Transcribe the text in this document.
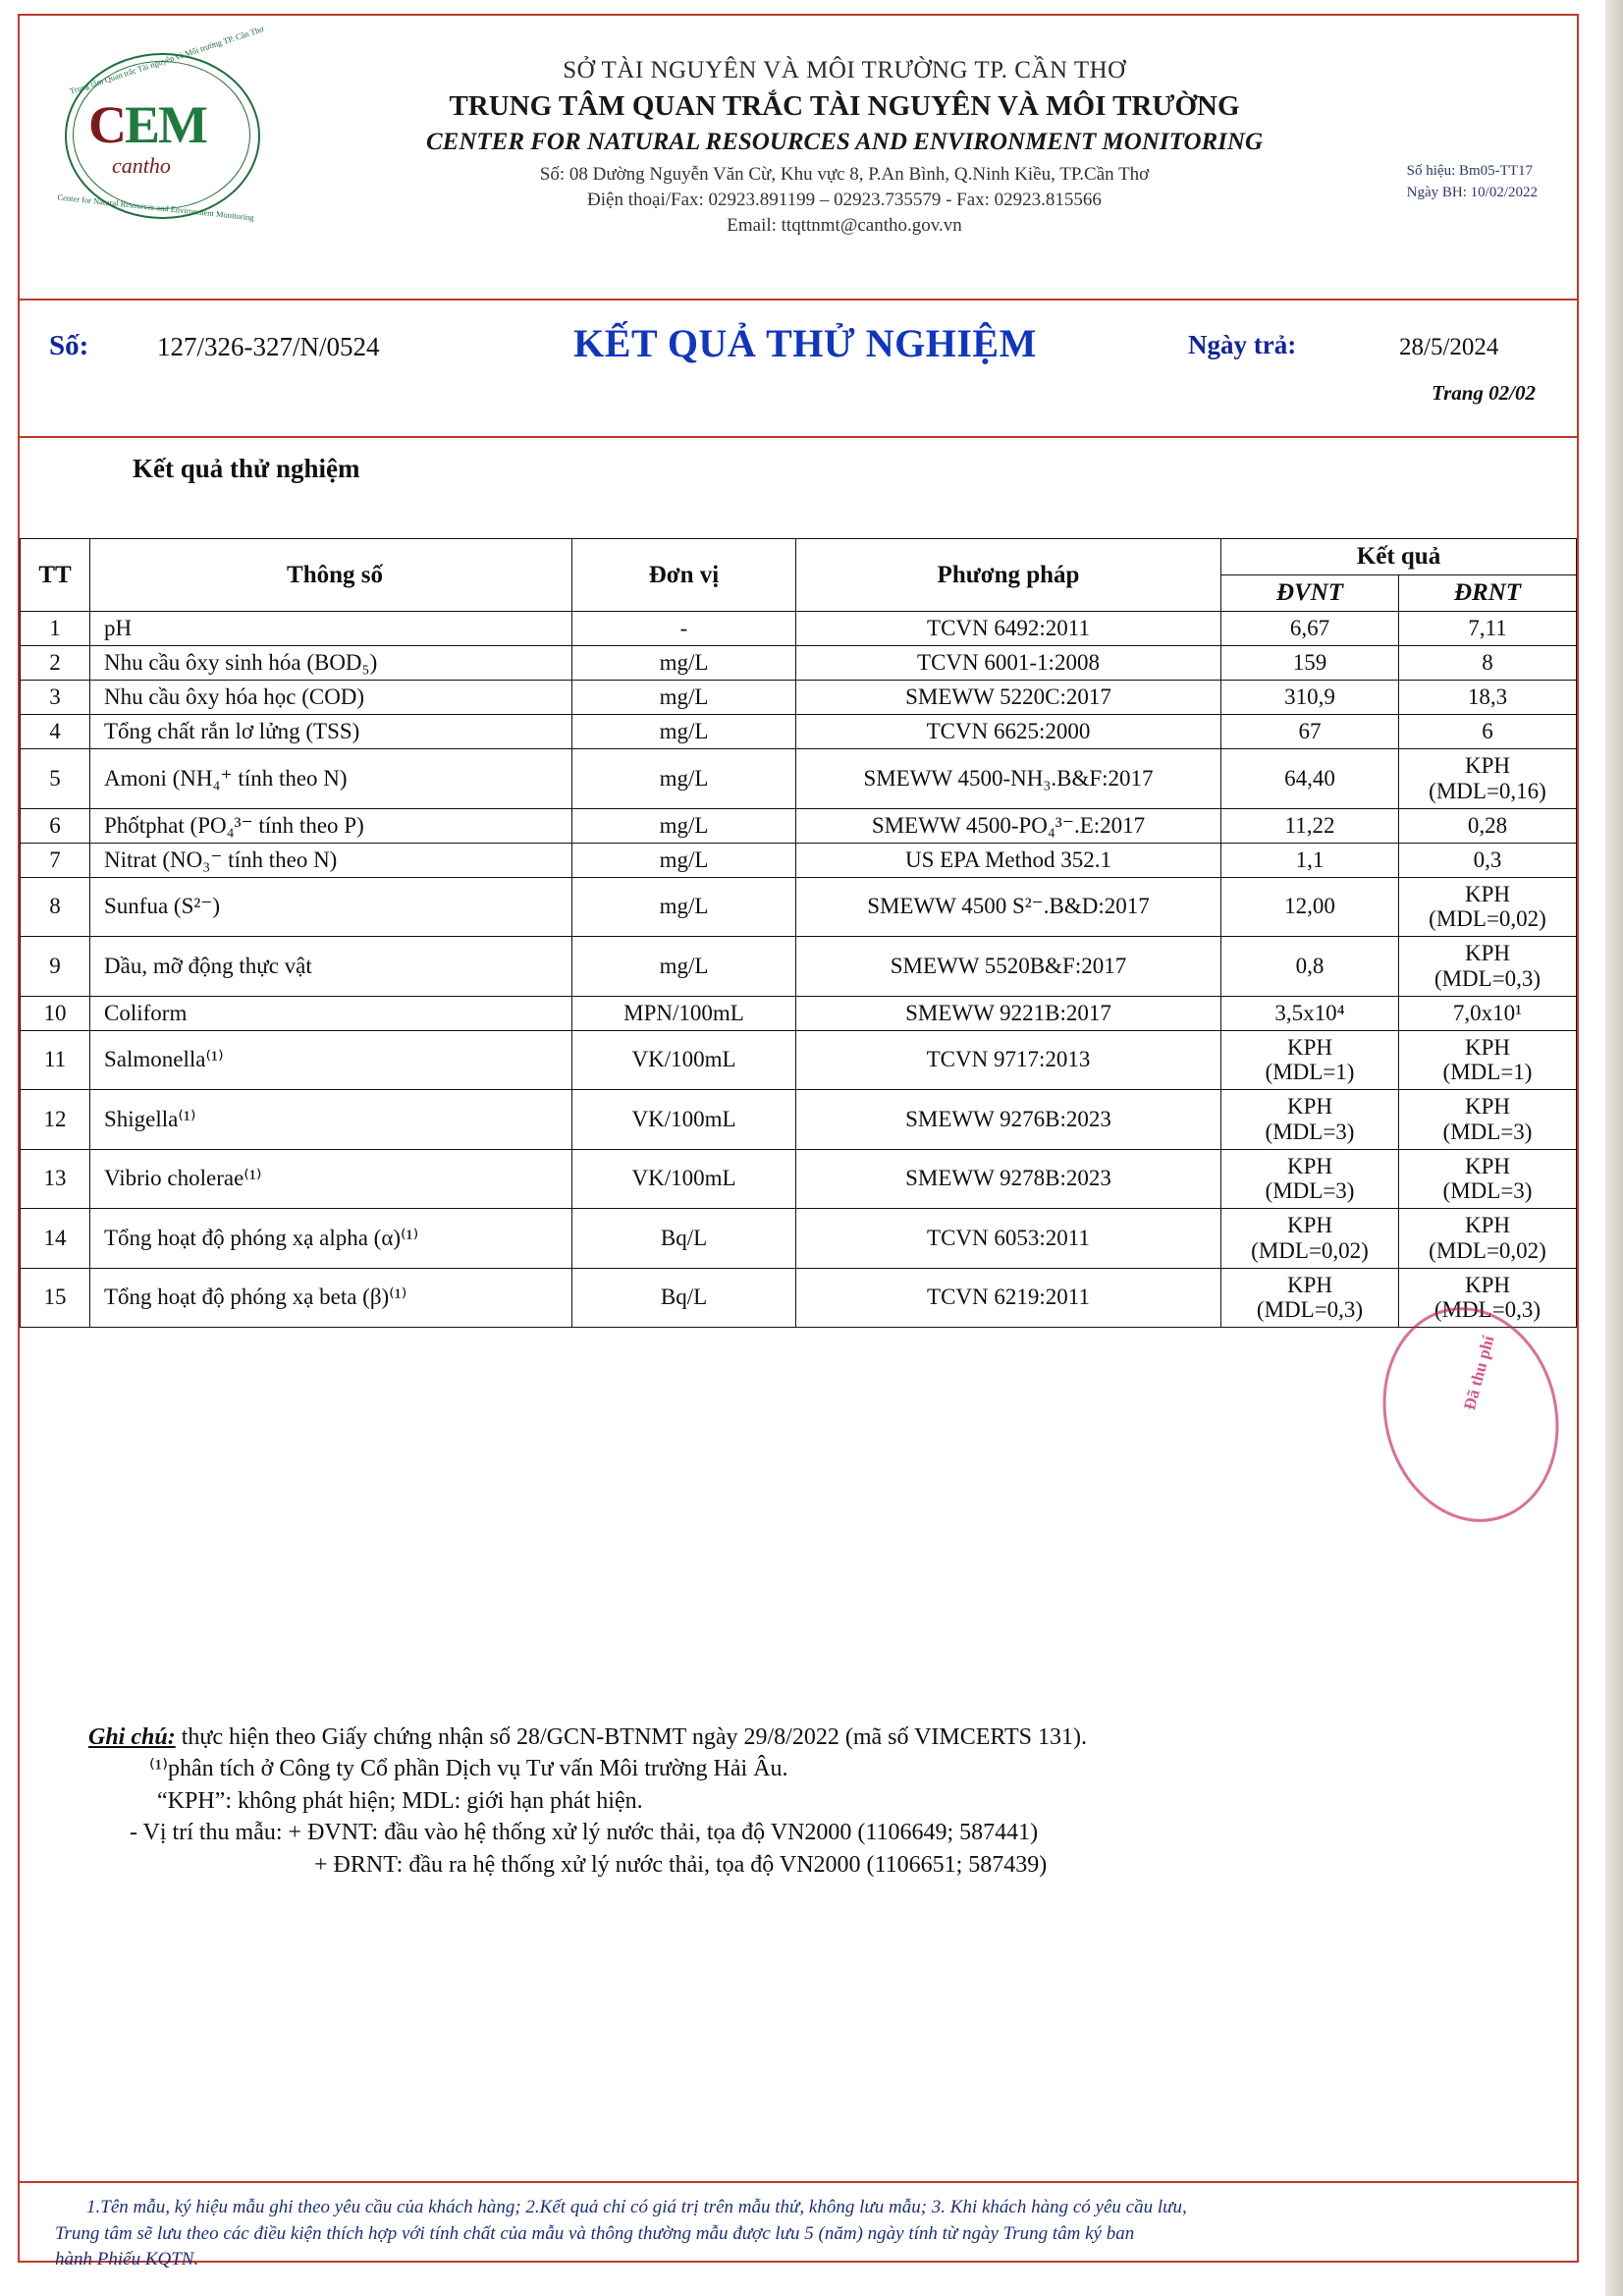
Trung tâm Quan trắc Tài nguyên và Môi trường TP. Cần Thơ
Center for Natural Resources and Environment Monitoring
CEM
cantho
SỞ TÀI NGUYÊN VÀ MÔI TRƯỜNG TP. CẦN THƠ
TRUNG TÂM QUAN TRẮC TÀI NGUYÊN VÀ MÔI TRƯỜNG
CENTER FOR NATURAL RESOURCES AND ENVIRONMENT MONITORING
Số: 08 Dường Nguyễn Văn Cừ, Khu vực 8, P.An Bình, Q.Ninh Kiều, TP.Cần Thơ
Điện thoại/Fax: 02923.891199 – 02923.735579 - Fax: 02923.815566
Email: ttqttnmt@cantho.gov.vn
Số hiệu: Bm05-TT17
Ngày BH: 10/02/2022
Số:	127/326-327/N/0524	KẾT QUẢ THỬ NGHIỆM	Ngày trả:	28/5/2024
Trang 02/02
Kết quả thử nghiệm
TT	Thông số	Đơn vị	Phương pháp	Kết quả	
				ĐVNT	ĐRNT
1	pH	-	TCVN 6492:2011	6,67	7,11
2	Nhu cầu ôxy sinh hóa (BOD₅)	mg/L	TCVN 6001-1:2008	159	8
3	Nhu cầu ôxy hóa học (COD)	mg/L	SMEWW 5220C:2017	310,9	18,3
4	Tổng chất rắn lơ lửng (TSS)	mg/L	TCVN 6625:2000	67	6
5	Amoni (NH₄⁺ tính theo N)	mg/L	SMEWW 4500-NH₃.B&F:2017	64,40	KPH
(MDL=0,16)

6	Phốtphat (PO₄³⁻ tính theo P)	mg/L	SMEWW 4500-PO₄³⁻.E:2017	11,22	0,28
7	Nitrat (NO₃⁻ tính theo N)	mg/L	US EPA Method 352.1	1,1	0,3
8	Sunfua (S²⁻)	mg/L	SMEWW 4500 S²⁻.B&D:2017	12,00	KPH
(MDL=0,02)

9	Dầu, mỡ động thực vật	mg/L	SMEWW 5520B&F:2017	0,8	KPH
(MDL=0,3)

10	Coliform	MPN/100mL	SMEWW 9221B:2017	3,5x10⁴	7,0x10¹
11	Salmonella⁽¹⁾	VK/100mL	TCVN 9717:2013	
KPH
(MDL=1)

KPH
(MDL=1)

12	Shigella⁽¹⁾	VK/100mL	SMEWW 9276B:2023	
KPH
(MDL=3)

KPH
(MDL=3)

13	Vibrio cholerae⁽¹⁾	VK/100mL	SMEWW 9278B:2023	
KPH
(MDL=3)

KPH
(MDL=3)

14	Tổng hoạt độ phóng xạ alpha (α)⁽¹⁾	Bq/L	TCVN 6053:2011	
KPH
(MDL=0,02)

KPH
(MDL=0,02)

15	Tổng hoạt độ phóng xạ beta (β)⁽¹⁾	Bq/L	TCVN 6219:2011	
KPH
(MDL=0,3)

KPH
(MDL=0,3)
Đã thu phí
Ghi chú: thực hiện theo Giấy chứng nhận số 28/GCN-BTNMT ngày 29/8/2022 (mã số VIMCERTS 131).
⁽¹⁾phân tích ở Công ty Cổ phần Dịch vụ Tư vấn Môi trường Hải Âu.
“KPH”: không phát hiện; MDL: giới hạn phát hiện.
- Vị trí thu mẫu: + ĐVNT: đầu vào hệ thống xử lý nước thải, tọa độ VN2000 (1106649; 587441)
+ ĐRNT: đầu ra hệ thống xử lý nước thải, tọa độ VN2000 (1106651; 587439)

1.Tên mẫu, ký hiệu mẫu ghi theo yêu cầu của khách hàng; 2.Kết quả chỉ có giá trị trên mẫu thử, không lưu mẫu; 3. Khi khách hàng có yêu cầu lưu,

Trung tâm sẽ lưu theo các điều kiện thích hợp với tính chất của mẫu và thông thường mẫu được lưu 5 (năm) ngày tính từ ngày Trung tâm ký ban

hành Phiếu KQTN.
